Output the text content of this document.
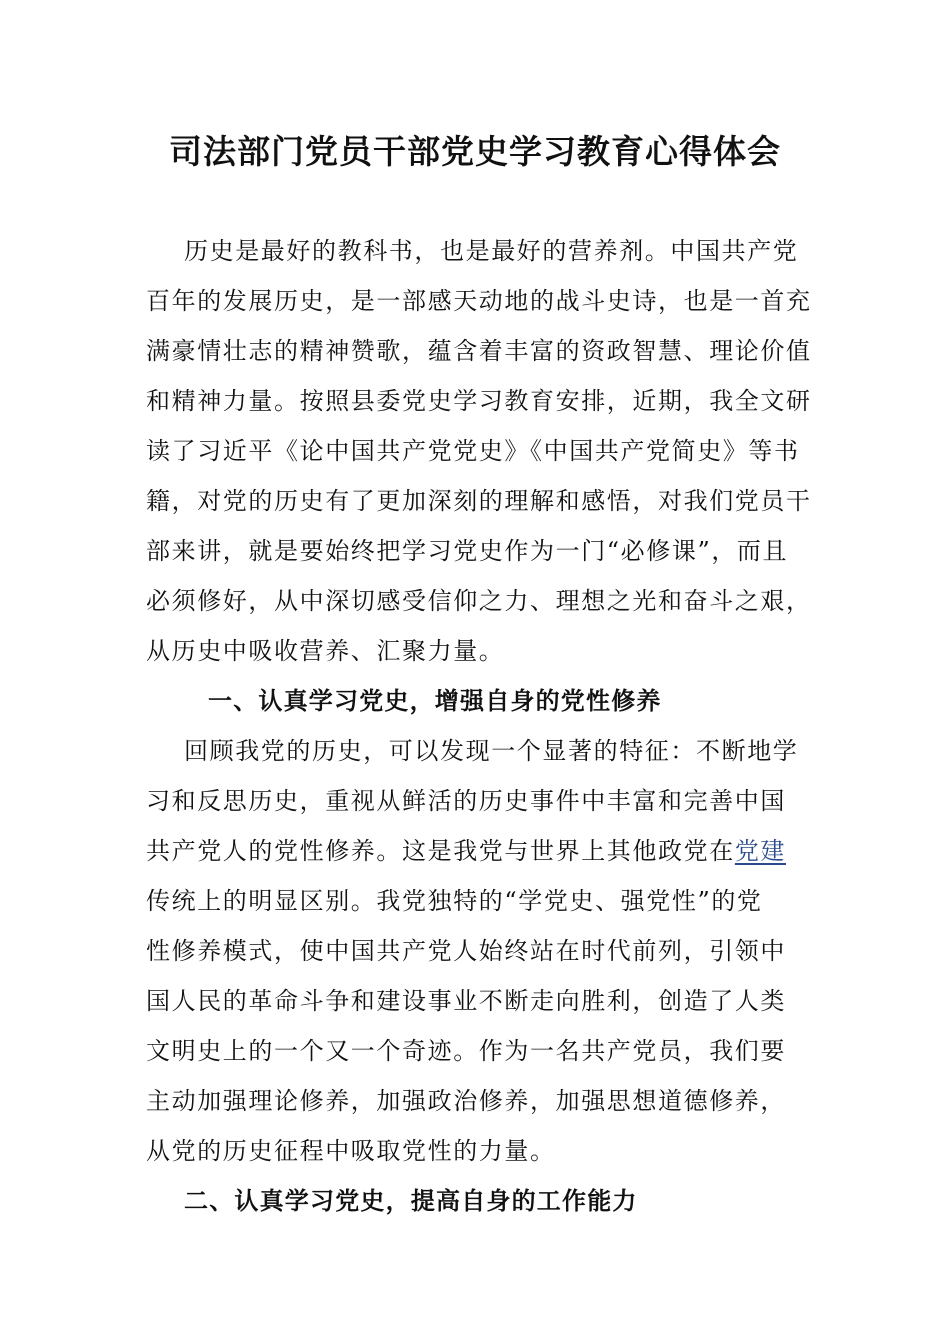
司法部门党员干部党史学习教育心得体会

历史是最好的教科书，也是最好的营养剂。中国共产党

百年的发展历史，是一部感天动地的战斗史诗，也是一首充

满豪情壮志的精神赞歌，蕴含着丰富的资政智慧、理论价值

和精神力量。按照县委党史学习教育安排，近期，我全文研

读了习近平《论中国共产党党史》《中国共产党简史》等书

籍，对党的历史有了更加深刻的理解和感悟，对我们党员干

部来讲，就是要始终把学习党史作为一门“必修课”，而且

必须修好，从中深切感受信仰之力、理想之光和奋斗之艰，

从历史中吸收营养、汇聚力量。

一、认真学习党史，增强自身的党性修养

回顾我党的历史，可以发现一个显著的特征：不断地学

习和反思历史，重视从鲜活的历史事件中丰富和完善中国

共产党人的党性修养。这是我党与世界上其他政党在党建

传统上的明显区别。我党独特的“学党史、强党性”的党

性修养模式，使中国共产党人始终站在时代前列，引领中

国人民的革命斗争和建设事业不断走向胜利，创造了人类

文明史上的一个又一个奇迹。作为一名共产党员，我们要

主动加强理论修养，加强政治修养，加强思想道德修养，

从党的历史征程中吸取党性的力量。

二、认真学习党史，提高自身的工作能力
